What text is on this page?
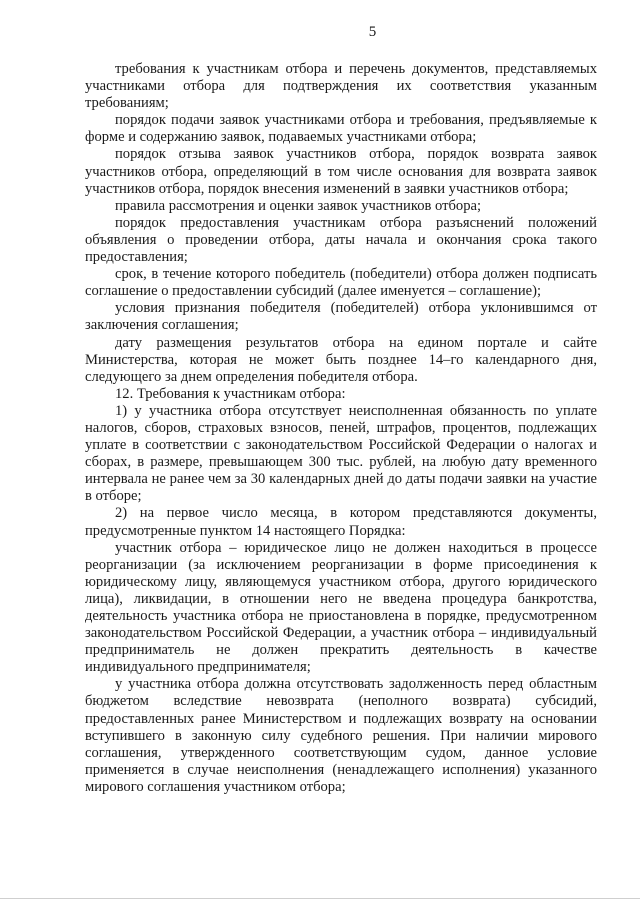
5

требования к участникам отбора и перечень документов, представляемых участниками отбора для подтверждения их соответствия указанным требованиям;

порядок подачи заявок участниками отбора и требования, предъявляемые к форме и содержанию заявок, подаваемых участниками отбора;

порядок отзыва заявок участников отбора, порядок возврата заявок участников отбора, определяющий в том числе основания для возврата заявок участников отбора, порядок внесения изменений в заявки участников отбора;

правила рассмотрения и оценки заявок участников отбора;

порядок предоставления участникам отбора разъяснений положений объявления о проведении отбора, даты начала и окончания срока такого предоставления;

срок, в течение которого победитель (победители) отбора должен подписать соглашение о предоставлении субсидий (далее именуется – соглашение);

условия признания победителя (победителей) отбора уклонившимся от заключения соглашения;

дату размещения результатов отбора на едином портале и сайте Министерства, которая не может быть позднее 14–го календарного дня, следующего за днем определения победителя отбора.

12. Требования к участникам отбора:

1) у участника отбора отсутствует неисполненная обязанность по уплате налогов, сборов, страховых взносов, пеней, штрафов, процентов, подлежащих уплате в соответствии с законодательством Российской Федерации о налогах и сборах, в размере, превышающем 300 тыс. рублей, на любую дату временного интервала не ранее чем за 30 календарных дней до даты подачи заявки на участие в отборе;

2) на первое число месяца, в котором представляются документы, предусмотренные пунктом 14 настоящего Порядка:

участник отбора – юридическое лицо не должен находиться в процессе реорганизации (за исключением реорганизации в форме присоединения к юридическому лицу, являющемуся участником отбора, другого юридического лица), ликвидации, в отношении него не введена процедура банкротства, деятельность участника отбора не приостановлена в порядке, предусмотренном законодательством Российской Федерации, а участник отбора – индивидуальный предприниматель не должен прекратить деятельность в качестве индивидуального предпринимателя;

у участника отбора должна отсутствовать задолженность перед областным бюджетом вследствие невозврата (неполного возврата) субсидий, предоставленных ранее Министерством и подлежащих возврату на основании вступившего в законную силу судебного решения. При наличии мирового соглашения, утвержденного соответствующим судом, данное условие применяется в случае неисполнения (ненадлежащего исполнения) указанного мирового соглашения участником отбора;
